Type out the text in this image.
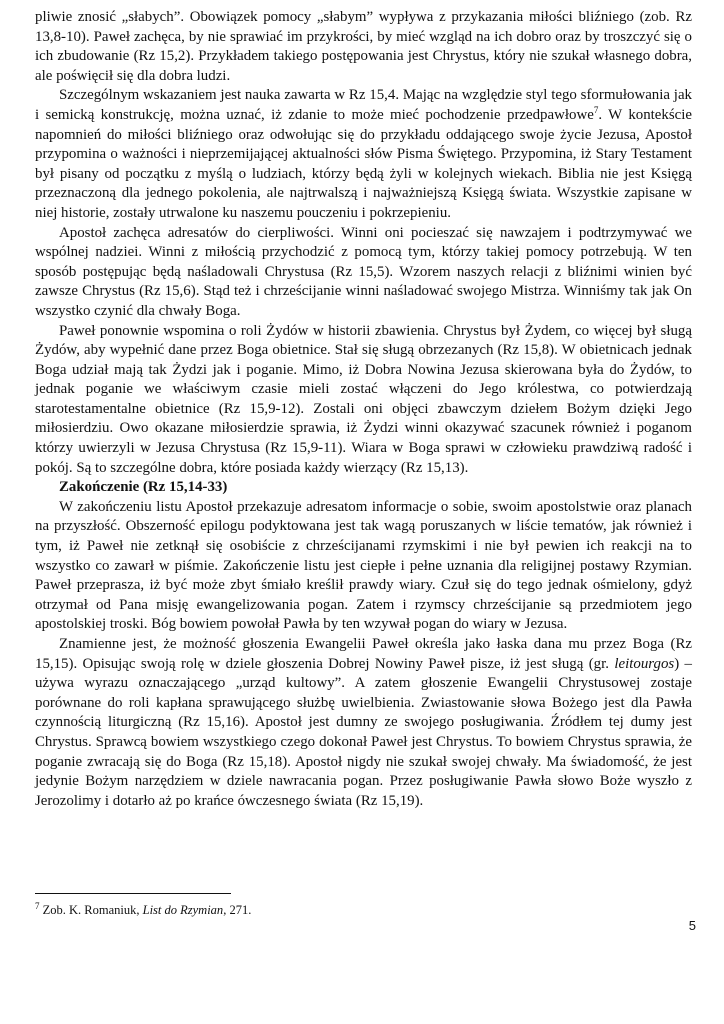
pliwie znosić „słabych”. Obowiązek pomocy „słabym” wypływa z przykazania miłości bliźniego (zob. Rz 13,8-10). Paweł zachęca, by nie sprawiać im przykrości, by mieć wzgląd na ich dobro oraz by troszczyć się o ich zbudowanie (Rz 15,2). Przykładem takiego postępowania jest Chrystus, który nie szukał własnego dobra, ale poświęcił się dla dobra ludzi.

Szczególnym wskazaniem jest nauka zawarta w Rz 15,4. Mając na względzie styl tego sformułowania jak i semicką konstrukcję, można uznać, iż zdanie to może mieć pochodzenie przedpawłowe$^7$. W kontekście napomnień do miłości bliźniego oraz odwołując się do przykładu oddającego swoje życie Jezusa, Apostoł przypomina o ważności i nieprzemijającej aktualności słów Pisma Świętego. Przypomina, iż Stary Testament był pisany od początku z myślą o ludziach, którzy będą żyli w kolejnych wiekach. Biblia nie jest Księgą przeznaczoną dla jednego pokolenia, ale najtrwalszą i najważniejszą Księgą świata. Wszystkie zapisane w niej historie, zostały utrwalone ku naszemu pouczeniu i pokrzepieniu.

Apostoł zachęca adresatów do cierpliwości. Winni oni pocieszać się nawzajem i podtrzymywać we wspólnej nadziei. Winni z miłością przychodzić z pomocą tym, którzy takiej pomocy potrzebują. W ten sposób postępując będą naśladowali Chrystusa (Rz 15,5). Wzorem naszych relacji z bliźnimi winien być zawsze Chrystus (Rz 15,6). Stąd też i chrześcijanie winni naśladować swojego Mistrza. Winniśmy tak jak On wszystko czynić dla chwały Boga.

Paweł ponownie wspomina o roli Żydów w historii zbawienia. Chrystus był Żydem, co więcej był sługą Żydów, aby wypełnić dane przez Boga obietnice. Stał się sługą obrzezanych (Rz 15,8). W obietnicach jednak Boga udział mają tak Żydzi jak i poganie. Mimo, iż Dobra Nowina Jezusa skierowana była do Żydów, to jednak poganie we właściwym czasie mieli zostać włączeni do Jego królestwa, co potwierdzają starotestamentalne obietnice (Rz 15,9-12). Zostali oni objęci zbawczym dziełem Bożym dzięki Jego miłosierdziu. Owo okazane miłosierdzie sprawia, iż Żydzi winni okazywać szacunek również i poganom którzy uwierzyli w Jezusa Chrystusa (Rz 15,9-11). Wiara w Boga sprawi w człowieku prawdziwą radość i pokój. Są to szczególne dobra, które posiada każdy wierzący (Rz 15,13).

Zakończenie (Rz 15,14-33)

W zakończeniu listu Apostoł przekazuje adresatom informacje o sobie, swoim apostolstwie oraz planach na przyszłość. Obszerność epilogu podyktowana jest tak wagą poruszanych w liście tematów, jak również i tym, iż Paweł nie zetknął się osobiście z chrześcijanami rzymskimi i nie był pewien ich reakcji na to wszystko co zawarł w piśmie. Zakończenie listu jest ciepłe i pełne uznania dla religijnej postawy Rzymian. Paweł przeprasza, iż być może zbyt śmiało kreślił prawdy wiary. Czuł się do tego jednak ośmielony, gdyż otrzymał od Pana misję ewangelizowania pogan. Zatem i rzymscy chrześcijanie są przedmiotem jego apostolskiej troski. Bóg bowiem powołał Pawła by ten wzywał pogan do wiary w Jezusa.

Znamienne jest, że możność głoszenia Ewangelii Paweł określa jako łaska dana mu przez Boga (Rz 15,15). Opisując swoją rolę w dziele głoszenia Dobrej Nowiny Paweł pisze, iż jest sługą (gr. leitourgos) – używa wyrazu oznaczającego „urząd kultowy”. A zatem głoszenie Ewangelii Chrystusowej zostaje porównane do roli kapłana sprawującego służbę uwielbienia. Zwiastowanie słowa Bożego jest dla Pawła czynnością liturgiczną (Rz 15,16). Apostoł jest dumny ze swojego posługiwania. Źródłem tej dumy jest Chrystus. Sprawcą bowiem wszystkiego czego dokonał Paweł jest Chrystus. To bowiem Chrystus sprawia, że poganie zwracają się do Boga (Rz 15,18). Apostoł nigdy nie szukał swojej chwały. Ma świadomość, że jest jedynie Bożym narzędziem w dziele nawracania pogan. Przez posługiwanie Pawła słowo Boże wyszło z Jerozolimy i dotarło aż po krańce ówczesnego świata (Rz 15,19).

$^7$ Zob. K. Romaniuk, List do Rzymian, 271.
5
